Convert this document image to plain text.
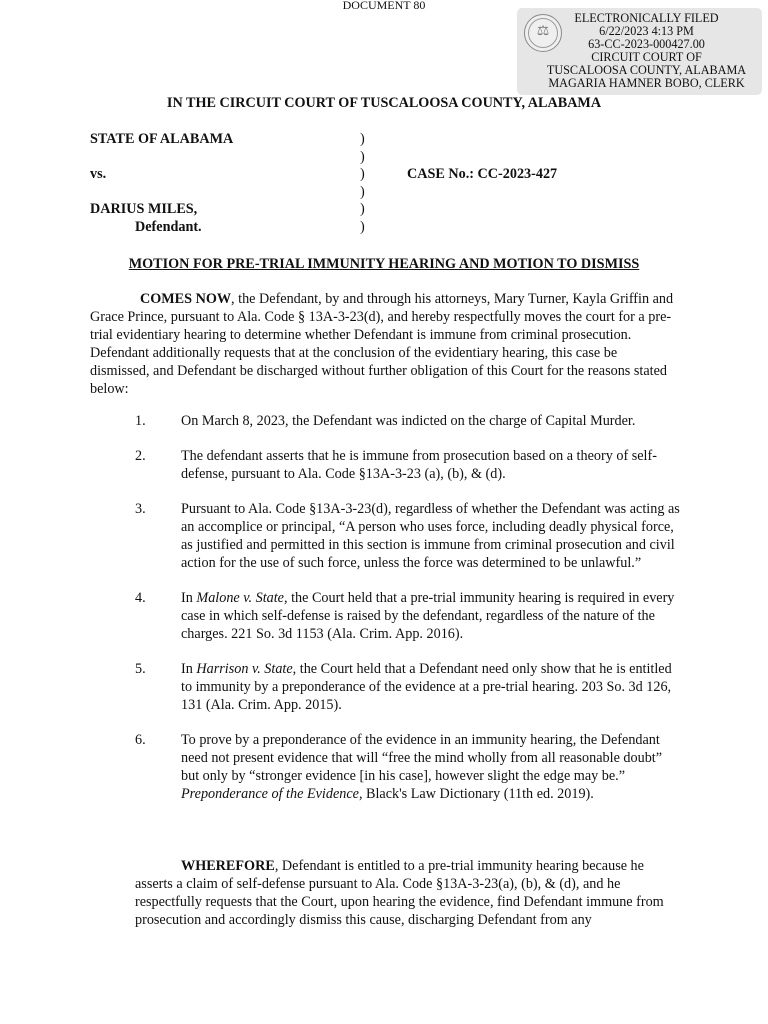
DOCUMENT 80
⚖
ELECTRONICALLY FILED
6/22/2023 4:13 PM
63-CC-2023-000427.00
CIRCUIT COURT OF
TUSCALOOSA COUNTY, ALABAMA
MAGARIA HAMNER BOBO, CLERK
IN THE CIRCUIT COURT OF TUSCALOOSA COUNTY, ALABAMA
STATE OF ALABAMA	)
)
vs.	)	CASE No.: CC-2023-427
)
DARIUS MILES,	)
Defendant.	)
MOTION FOR PRE-TRIAL IMMUNITY HEARING AND MOTION TO DISMISS

COMES NOW, the Defendant, by and through his attorneys, Mary Turner, Kayla Griffin and Grace Prince, pursuant to Ala. Code § 13A-3-23(d), and hereby respectfully moves the court for a pre-trial evidentiary hearing to determine whether Defendant is immune from criminal prosecution. Defendant additionally requests that at the conclusion of the evidentiary hearing, this case be dismissed, and Defendant be discharged without further obligation of this Court for the reasons stated below:

1. On March 8, 2023, the Defendant was indicted on the charge of Capital Murder.

2. The defendant asserts that he is immune from prosecution based on a theory of self- defense, pursuant to Ala. Code §13A-3-23 (a), (b), & (d).

3. Pursuant to Ala. Code §13A-3-23(d), regardless of whether the Defendant was acting as an accomplice or principal, “A person who uses force, including deadly physical force, as justified and permitted in this section is immune from criminal prosecution and civil action for the use of such force, unless the force was determined to be unlawful.”

4. In Malone v. State, the Court held that a pre-trial immunity hearing is required in every case in which self-defense is raised by the defendant, regardless of the nature of the charges. 221 So. 3d 1153 (Ala. Crim. App. 2016).

5. In Harrison v. State, the Court held that a Defendant need only show that he is entitled to immunity by a preponderance of the evidence at a pre-trial hearing. 203 So. 3d 126, 131 (Ala. Crim. App. 2015).

6. To prove by a preponderance of the evidence in an immunity hearing, the Defendant need not present evidence that will “free the mind wholly from all reasonable doubt” but only by “stronger evidence [in his case], however slight the edge may be.” Preponderance of the Evidence, Black's Law Dictionary (11th ed. 2019).

WHEREFORE, Defendant is entitled to a pre-trial immunity hearing because he asserts a claim of self-defense pursuant to Ala. Code §13A-3-23(a), (b), & (d), and he respectfully requests that the Court, upon hearing the evidence, find Defendant immune from prosecution and accordingly dismiss this cause, discharging Defendant from any
